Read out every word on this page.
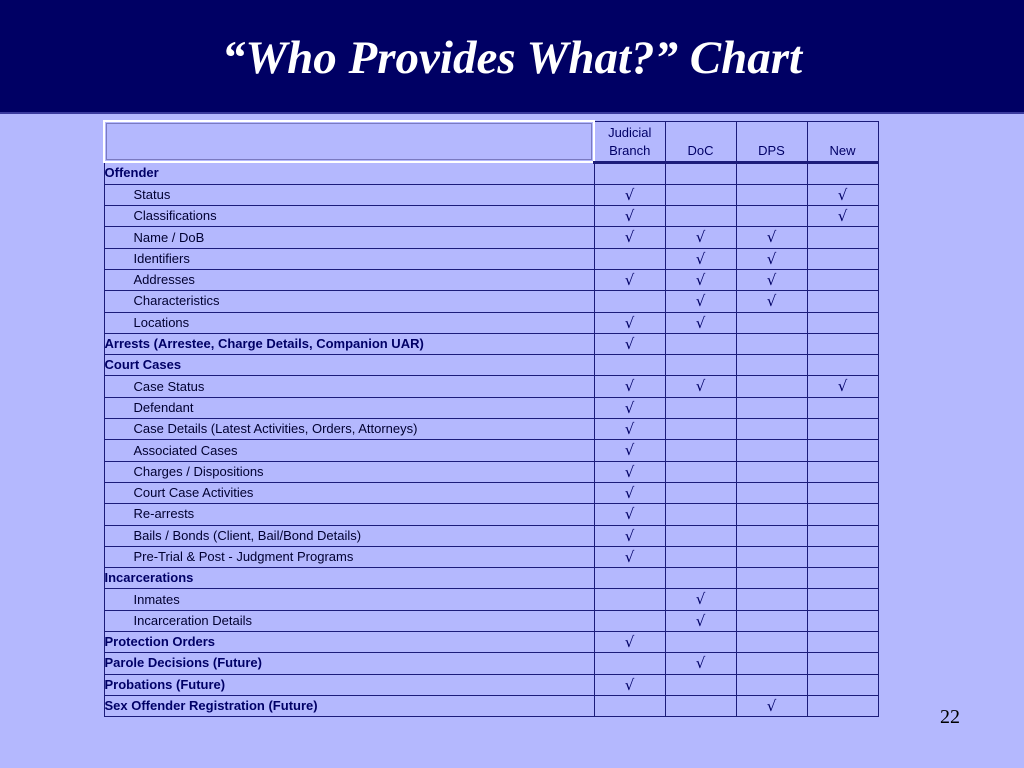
“Who Provides What?” Chart
	Judicial
Branch	DoC	DPS	New
Offender				
Status	√			√
Classifications	√			√
Name / DoB	√	√	√	
Identifiers		√	√	
Addresses	√	√	√	
Characteristics		√	√	
Locations	√	√		
Arrests (Arrestee, Charge Details, Companion UAR)	√			
Court Cases				
Case Status	√	√		√
Defendant	√			
Case Details (Latest Activities, Orders, Attorneys)	√			
Associated Cases	√			
Charges / Dispositions	√			
Court Case Activities	√			
Re-arrests	√			
Bails / Bonds (Client, Bail/Bond Details)	√			
Pre-Trial & Post - Judgment Programs	√			
Incarcerations				
Inmates		√		
Incarceration Details		√		
Protection Orders	√			
Parole Decisions (Future)		√		
Probations (Future)	√			
Sex Offender Registration (Future)			√	
22
